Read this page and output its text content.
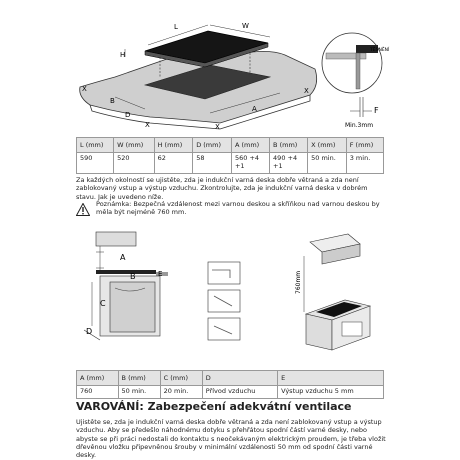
L	W
H
X
B
D
X
A
X
X
TĚSNĚNÍ
F
Min.3mm
L (mm)	W (mm)	H (mm)	D (mm)	A (mm)	B (mm)	X (mm)	F (mm)
590	520	62	58	560 +4
+1	490 +4
+1	50 min.	3 min.
Za každých okolností se ujistěte, zda je indukční varná deska dobře větraná a zda není zablokovaný vstup a výstup vzduchu. Zkontrolujte, zda je indukční varná deska v dobrém stavu. Jak je uvedeno níže.
Poznámka: Bezpečná vzdálenost mezi varnou deskou a skříňkou nad varnou deskou by měla být nejméně 760 mm.
A
B	E
C
D
760mm
A (mm)	B (mm)	C (mm)	D	E
760	50 min.	20 min.	Přívod vzduchu	Výstup vzduchu 5 mm
VAROVÁNÍ: Zabezpečení adekvátní ventilace
Ujistěte se, zda je indukční varná deska dobře větraná a zda není zablokovaný vstup a výstup vzduchu. Aby se předešlo náhodnému dotyku s přehřátou spodní částí varné desky, nebo abyste se při práci nedostali do kontaktu s neočekávaným elektrickým proudem, je třeba vložit dřevěnou vložku připevněnou šrouby v minimální vzdálenosti 50 mm od spodní části varné desky.
